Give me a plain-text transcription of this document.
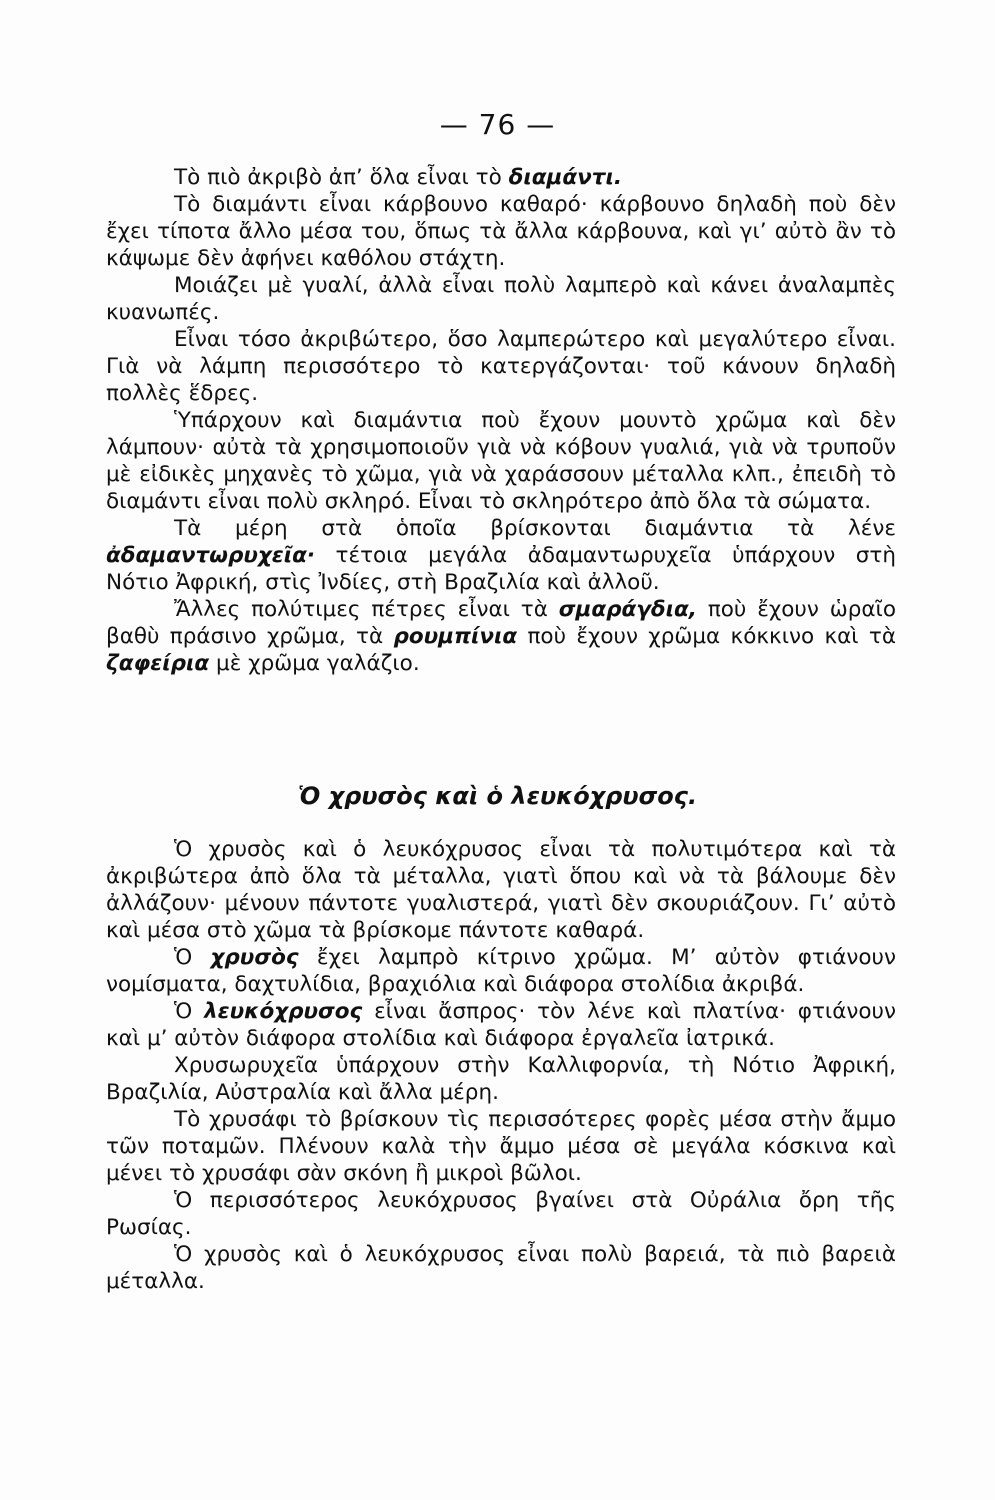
— 76 —

Τὸ πιὸ ἀκριβὸ ἀπ’ ὅλα εἶναι τὸ διαμάντι.

Τὸ διαμάντι εἶναι κάρβουνο καθαρό· κάρβουνο δηλαδὴ ποὺ δὲν ἔχει τίποτα ἄλλο μέσα του, ὅπως τὰ ἄλλα κάρβουνα, καὶ γι’ αὐτὸ ἂν τὸ κάψωμε δὲν ἀφήνει καθόλου στάχτη.

Μοιάζει μὲ γυαλί, ἀλλὰ εἶναι πολὺ λαμπερὸ καὶ κάνει ἀναλαμπὲς κυανωπές.

Εἶναι τόσο ἀκριβώτερο, ὅσο λαμπερώτερο καὶ μεγαλύτερο εἶναι. Γιὰ νὰ λάμπη περισσότερο τὸ κατεργάζονται· τοῦ κάνουν δηλαδὴ πολλὲς ἕδρες.

Ὑπάρχουν καὶ διαμάντια ποὺ ἔχουν μουντὸ χρῶμα καὶ δὲν λάμπουν· αὐτὰ τὰ χρησιμοποιοῦν γιὰ νὰ κόβουν γυαλιά, γιὰ νὰ τρυποῦν μὲ εἰδικὲς μηχανὲς τὸ χῶμα, γιὰ νὰ χαράσσουν μέταλλα κλπ., ἐπειδὴ τὸ διαμάντι εἶναι πολὺ σκληρό. Εἶναι τὸ σκληρότερο ἀπὸ ὅλα τὰ σώματα.

Τὰ μέρη στὰ ὁποῖα βρίσκονται διαμάντια τὰ λένε ἀδαμαντωρυχεῖα· τέτοια μεγάλα ἀδαμαντωρυχεῖα ὑπάρχουν στὴ Νότιο Ἀφρική, στὶς Ἰνδίες, στὴ Βραζιλία καὶ ἀλλοῦ.

Ἄλλες πολύτιμες πέτρες εἶναι τὰ σμαράγδια, ποὺ ἔχουν ὡραῖο βαθὺ πράσινο χρῶμα, τὰ ρουμπίνια ποὺ ἔχουν χρῶμα κόκκινο καὶ τὰ ζαφείρια μὲ χρῶμα γαλάζιο.

Ὁ χρυσὸς καὶ ὁ λευκόχρυσος.

Ὁ χρυσὸς καὶ ὁ λευκόχρυσος εἶναι τὰ πολυτιμότερα καὶ τὰ ἀκριβώτερα ἀπὸ ὅλα τὰ μέταλλα, γιατὶ ὅπου καὶ νὰ τὰ βάλουμε δὲν ἀλλάζουν· μένουν πάντοτε γυαλιστερά, γιατὶ δὲν σκουριάζουν. Γι’ αὐτὸ καὶ μέσα στὸ χῶμα τὰ βρίσκομε πάντοτε καθαρά.

Ὁ χρυσὸς ἔχει λαμπρὸ κίτρινο χρῶμα. Μ’ αὐτὸν φτιάνουν νομίσματα, δαχτυλίδια, βραχιόλια καὶ διάφορα στολίδια ἀκριβά.

Ὁ λευκόχρυσος εἶναι ἄσπρος· τὸν λένε καὶ πλατίνα· φτιάνουν καὶ μ’ αὐτὸν διάφορα στολίδια καὶ διάφορα ἐργαλεῖα ἰατρικά.

Χρυσωρυχεῖα ὑπάρχουν στὴν Καλλιφορνία, τὴ Νότιο Ἀφρική, Βραζιλία, Αὐστραλία καὶ ἄλλα μέρη.

Τὸ χρυσάφι τὸ βρίσκουν τὶς περισσότερες φορὲς μέσα στὴν ἄμμο τῶν ποταμῶν. Πλένουν καλὰ τὴν ἄμμο μέσα σὲ μεγάλα κόσκινα καὶ μένει τὸ χρυσάφι σὰν σκόνη ἢ μικροὶ βῶλοι.

Ὁ περισσότερος λευκόχρυσος βγαίνει στὰ Οὐράλια ὄρη τῆς Ρωσίας.

Ὁ χρυσὸς καὶ ὁ λευκόχρυσος εἶναι πολὺ βαρειά, τὰ πιὸ βαρειὰ μέταλλα.
